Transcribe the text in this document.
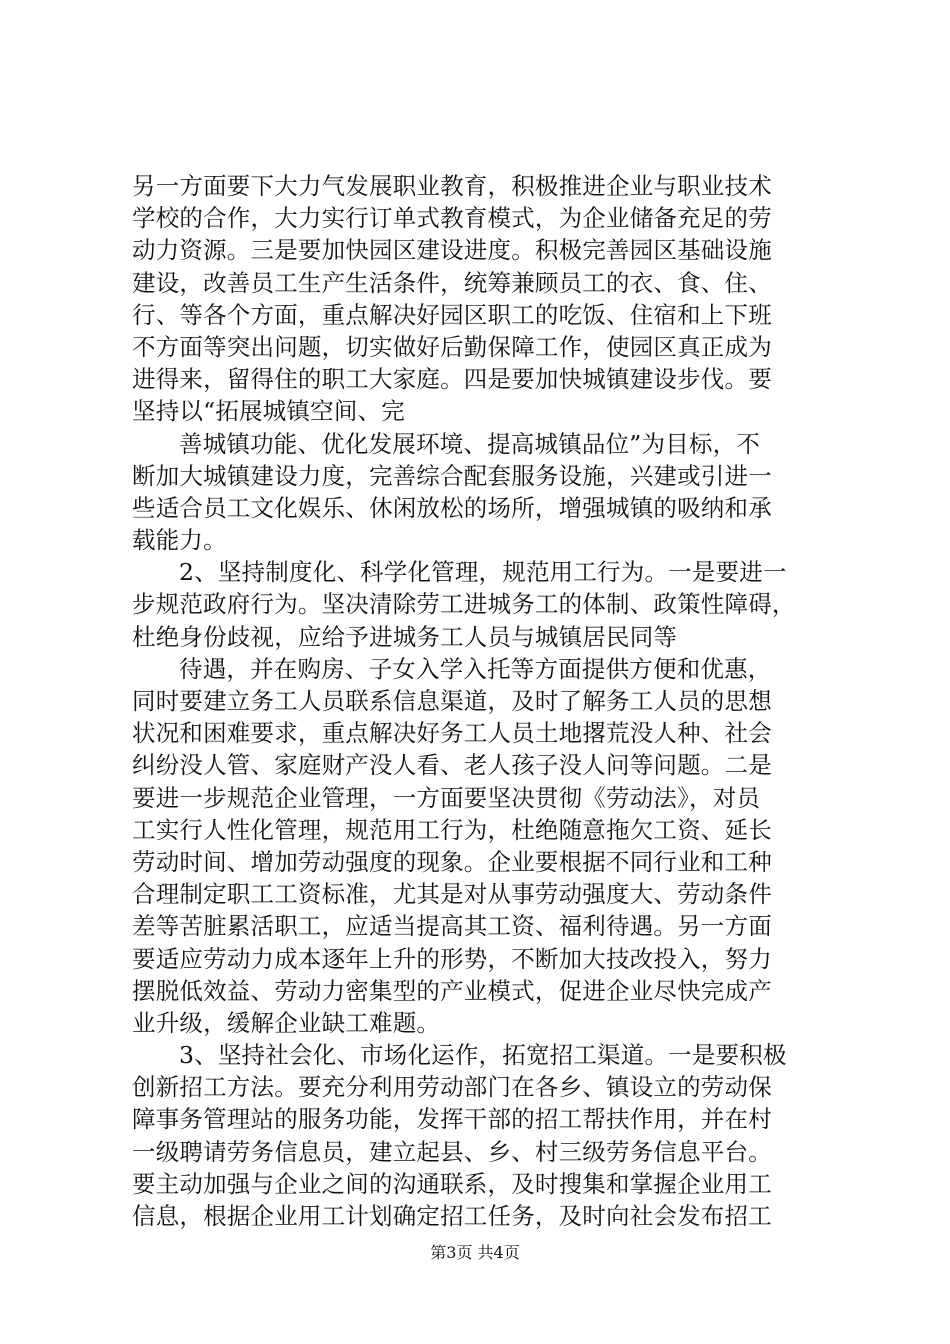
另一方面要下大力气发展职业教育，积极推进企业与职业技术
学校的合作，大力实行订单式教育模式，为企业储备充足的劳
动力资源。三是要加快园区建设进度。积极完善园区基础设施
建设，改善员工生产生活条件，统筹兼顾员工的衣、食、住、
行、等各个方面，重点解决好园区职工的吃饭、住宿和上下班
不方面等突出问题，切实做好后勤保障工作，使园区真正成为
进得来，留得住的职工大家庭。四是要加快城镇建设步伐。要
坚持以“拓展城镇空间、完
善城镇功能、优化发展环境、提高城镇品位”为目标，不
断加大城镇建设力度，完善综合配套服务设施，兴建或引进一
些适合员工文化娱乐、休闲放松的场所，增强城镇的吸纳和承
载能力。
2、坚持制度化、科学化管理，规范用工行为。一是要进一
步规范政府行为。坚决清除劳工进城务工的体制、政策性障碍，
杜绝身份歧视，应给予进城务工人员与城镇居民同等
待遇，并在购房、子女入学入托等方面提供方便和优惠，
同时要建立务工人员联系信息渠道，及时了解务工人员的思想
状况和困难要求，重点解决好务工人员土地撂荒没人种、社会
纠纷没人管、家庭财产没人看、老人孩子没人问等问题。二是
要进一步规范企业管理，一方面要坚决贯彻《劳动法》，对员
工实行人性化管理，规范用工行为，杜绝随意拖欠工资、延长
劳动时间、增加劳动强度的现象。企业要根据不同行业和工种
合理制定职工工资标准，尤其是对从事劳动强度大、劳动条件
差等苦脏累活职工，应适当提高其工资、福利待遇。另一方面
要适应劳动力成本逐年上升的形势，不断加大技改投入，努力
摆脱低效益、劳动力密集型的产业模式，促进企业尽快完成产
业升级，缓解企业缺工难题。
3、坚持社会化、市场化运作，拓宽招工渠道。一是要积极
创新招工方法。要充分利用劳动部门在各乡、镇设立的劳动保
障事务管理站的服务功能，发挥干部的招工帮扶作用，并在村
一级聘请劳务信息员，建立起县、乡、村三级劳务信息平台。
要主动加强与企业之间的沟通联系，及时搜集和掌握企业用工
信息，根据企业用工计划确定招工任务，及时向社会发布招工
第3页 共4页
